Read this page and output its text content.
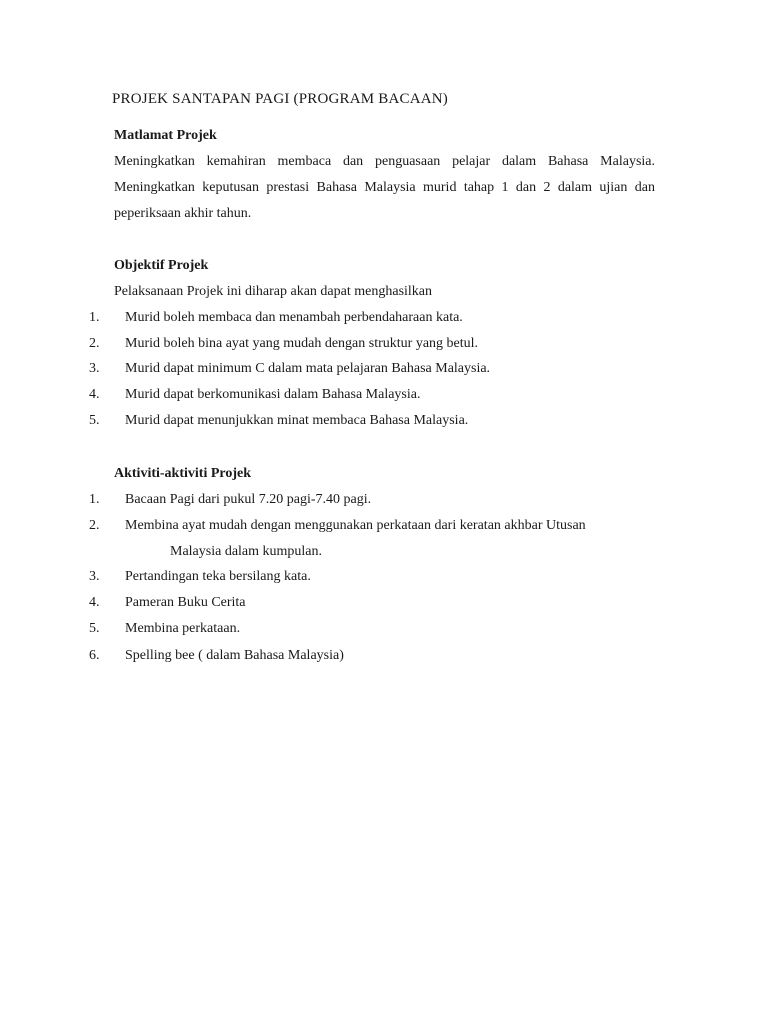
PROJEK SANTAPAN PAGI (PROGRAM BACAAN)
Matlamat Projek

Meningkatkan kemahiran membaca dan penguasaan pelajar dalam Bahasa Malaysia.

Meningkatkan keputusan prestasi Bahasa Malaysia murid tahap 1 dan 2 dalam ujian dan

peperiksaan akhir tahun.

Objektif Projek
Pelaksanaan Projek ini diharap akan dapat menghasilkan
1.	Murid boleh membaca dan menambah perbendaharaan kata.
2.	Murid boleh bina ayat yang mudah dengan struktur yang betul.
3.	Murid dapat minimum C dalam mata pelajaran Bahasa Malaysia.
4.	Murid dapat berkomunikasi dalam Bahasa Malaysia.
5.	Murid dapat menunjukkan minat membaca Bahasa Malaysia.
Aktiviti-aktiviti Projek
1.	Bacaan Pagi dari pukul 7.20 pagi-7.40 pagi.
2.	Membina ayat mudah dengan menggunakan perkataan dari keratan akhbar Utusan
Malaysia dalam kumpulan.
3.	Pertandingan teka bersilang kata.
4.	Pameran Buku Cerita
5.	Membina perkataan.
6.	Spelling bee ( dalam Bahasa Malaysia)
